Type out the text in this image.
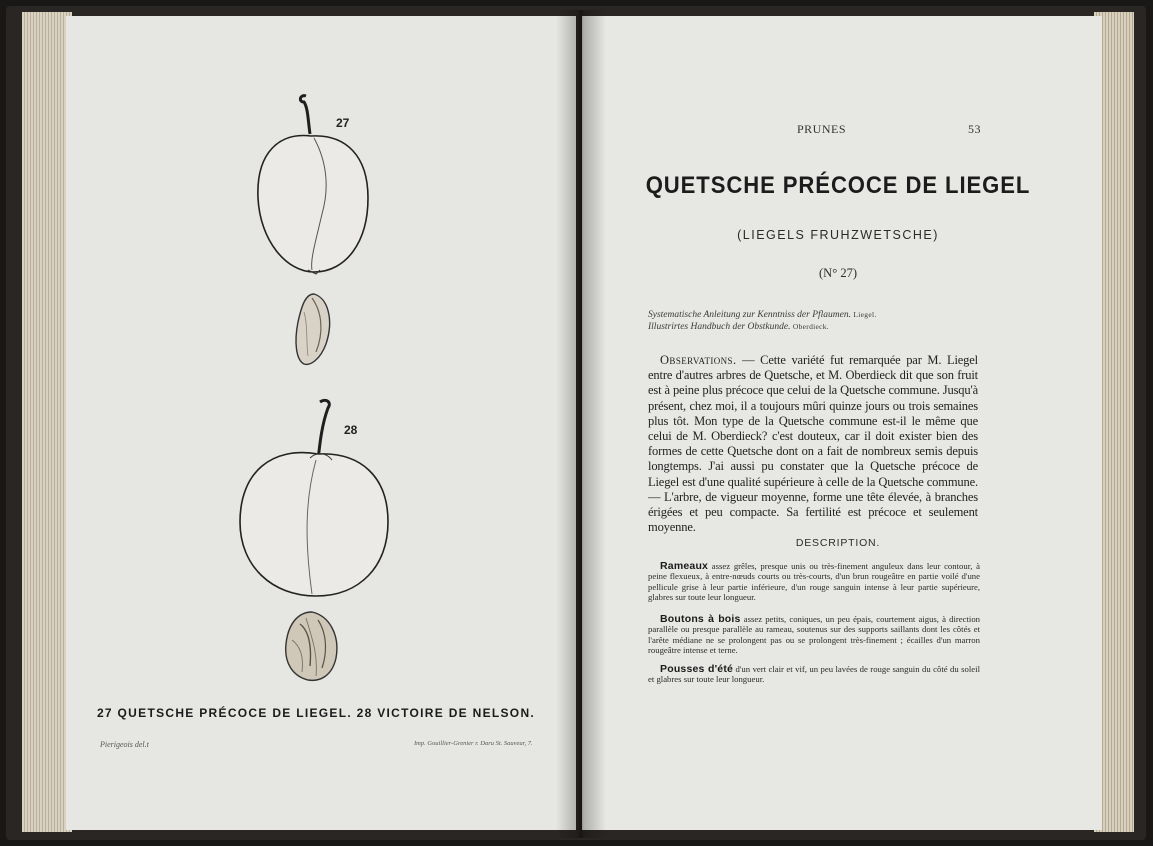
27
28
27 QUETSCHE PRÉCOCE DE LIEGEL. 28 VICTOIRE DE NELSON.
Pierigeois del.t	Imp. Gouillier-Grenier r. Daru St. Sauveur, 7.
PRUNES	53
QUETSCHE PRÉCOCE DE LIEGEL
(LIEGELS FRUHZWETSCHE)
(N° 27)
Systematische Anleitung zur Kenntniss der Pflaumen. Liegel.
Illustrirtes Handbuch der Obstkunde. Oberdieck.
Observations. — Cette variété fut remarquée par M. Liegel entre d'autres arbres de Quetsche, et M. Oberdieck dit que son fruit est à peine plus précoce que celui de la Quetsche commune. Jusqu'à présent, chez moi, il a toujours mûri quinze jours ou trois semaines plus tôt. Mon type de la Quetsche commune est-il le même que celui de M. Oberdieck? c'est douteux, car il doit exister bien des formes de cette Quetsche dont on a fait de nombreux semis depuis longtemps. J'ai aussi pu constater que la Quetsche précoce de Liegel est d'une qualité supérieure à celle de la Quetsche commune. — L'arbre, de vigueur moyenne, forme une tête élevée, à branches érigées et peu compacte. Sa fertilité est précoce et seulement moyenne.
DESCRIPTION.
Rameaux assez grêles, presque unis ou très-finement anguleux dans leur contour, à peine flexueux, à entre-nœuds courts ou très-courts, d'un brun rougeâtre en partie voilé d'une pellicule grise à leur partie inférieure, d'un rouge sanguin intense à leur partie supérieure, glabres sur toute leur longueur.
Boutons à bois assez petits, coniques, un peu épais, courtement aigus, à direction parallèle ou presque parallèle au rameau, soutenus sur des supports saillants dont les côtés et l'arête médiane ne se prolongent pas ou se prolongent très-finement ; écailles d'un marron rougeâtre intense et terne.
Pousses d'été d'un vert clair et vif, un peu lavées de rouge sanguin du côté du soleil et glabres sur toute leur longueur.
